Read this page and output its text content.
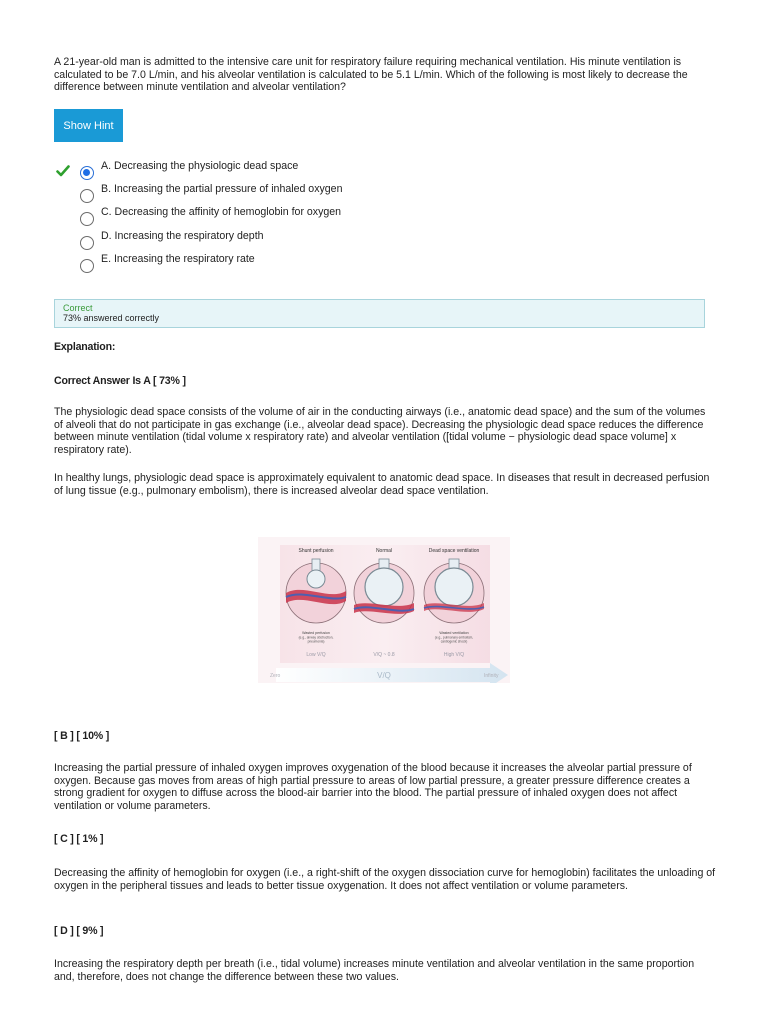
A 21-year-old man is admitted to the intensive care unit for respiratory failure requiring mechanical ventilation. His minute ventilation is calculated to be 7.0 L/min, and his alveolar ventilation is calculated to be 5.1 L/min. Which of the following is most likely to decrease the difference between minute ventilation and alveolar ventilation?
Show Hint
A. Decreasing the physiologic dead space
B. Increasing the partial pressure of inhaled oxygen
C. Decreasing the affinity of hemoglobin for oxygen
D. Increasing the respiratory depth
E. Increasing the respiratory rate
Correct
73% answered correctly
Explanation:
Correct Answer Is A [ 73% ]
The physiologic dead space consists of the volume of air in the conducting airways (i.e., anatomic dead space) and the sum of the volumes of alveoli that do not participate in gas exchange (i.e., alveolar dead space). Decreasing the physiologic dead space reduces the difference between minute ventilation (tidal volume x respiratory rate) and alveolar ventilation ([tidal volume − physiologic dead space volume] x respiratory rate).
In healthy lungs, physiologic dead space is approximately equivalent to anatomic dead space. In diseases that result in decreased perfusion of lung tissue (e.g., pulmonary embolism), there is increased alveolar dead space ventilation.
Shunt perfusion	Normal	Dead space ventilation
Wasted perfusion
(e.g., airway obstruction,
pneumonia)
Wasted ventilation
(e.g., pulmonary embolism,
cardiogenic shock)
Low V/Q	V/Q ~ 0.8	High V/Q
Zero	V/Q	Infinity
[ B ] [ 10% ]
Increasing the partial pressure of inhaled oxygen improves oxygenation of the blood because it increases the alveolar partial pressure of oxygen. Because gas moves from areas of high partial pressure to areas of low partial pressure, a greater pressure difference creates a strong gradient for oxygen to diffuse across the blood-air barrier into the blood. The partial pressure of inhaled oxygen does not affect ventilation or volume parameters.
[ C ] [ 1% ]
Decreasing the affinity of hemoglobin for oxygen (i.e., a right-shift of the oxygen dissociation curve for hemoglobin) facilitates the unloading of oxygen in the peripheral tissues and leads to better tissue oxygenation. It does not affect ventilation or volume parameters.
[ D ] [ 9% ]
Increasing the respiratory depth per breath (i.e., tidal volume) increases minute ventilation and alveolar ventilation in the same proportion and, therefore, does not change the difference between these two values.
